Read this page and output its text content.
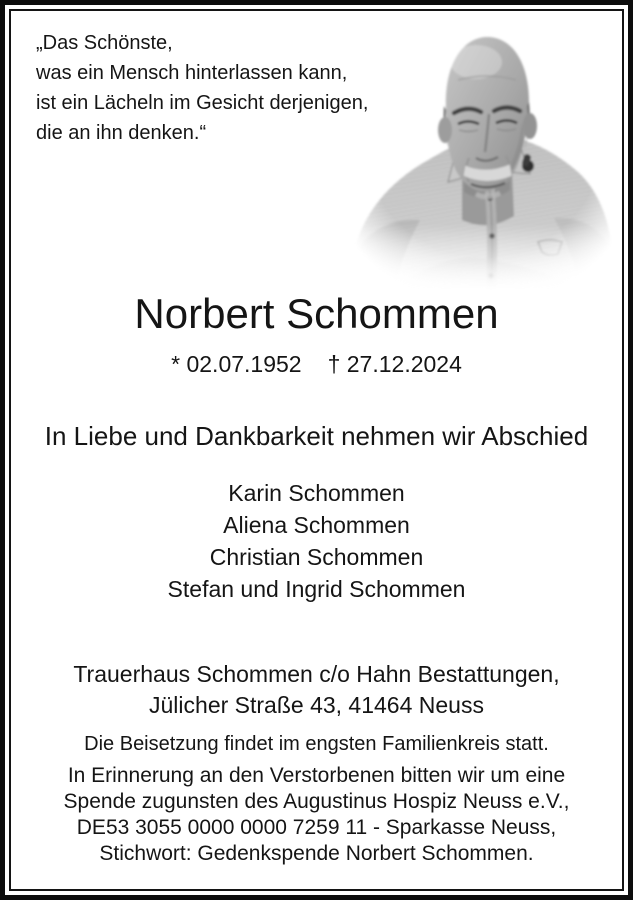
„Das Schönste,
was ein Mensch hinterlassen kann,
ist ein Lächeln im Gesicht derjenigen,
die an ihn denken.“
Norbert Schommen
* 02.07.1952 † 27.12.2024
In Liebe und Dankbarkeit nehmen wir Abschied
Karin Schommen
Aliena Schommen
Christian Schommen
Stefan und Ingrid Schommen
Trauerhaus Schommen c/o Hahn Bestattungen,
Jülicher Straße 43, 41464 Neuss
Die Beisetzung findet im engsten Familienkreis statt.
In Erinnerung an den Verstorbenen bitten wir um eine
Spende zugunsten des Augustinus Hospiz Neuss e.V.,
DE53 3055 0000 0000 7259 11 - Sparkasse Neuss,
Stichwort: Gedenkspende Norbert Schommen.
